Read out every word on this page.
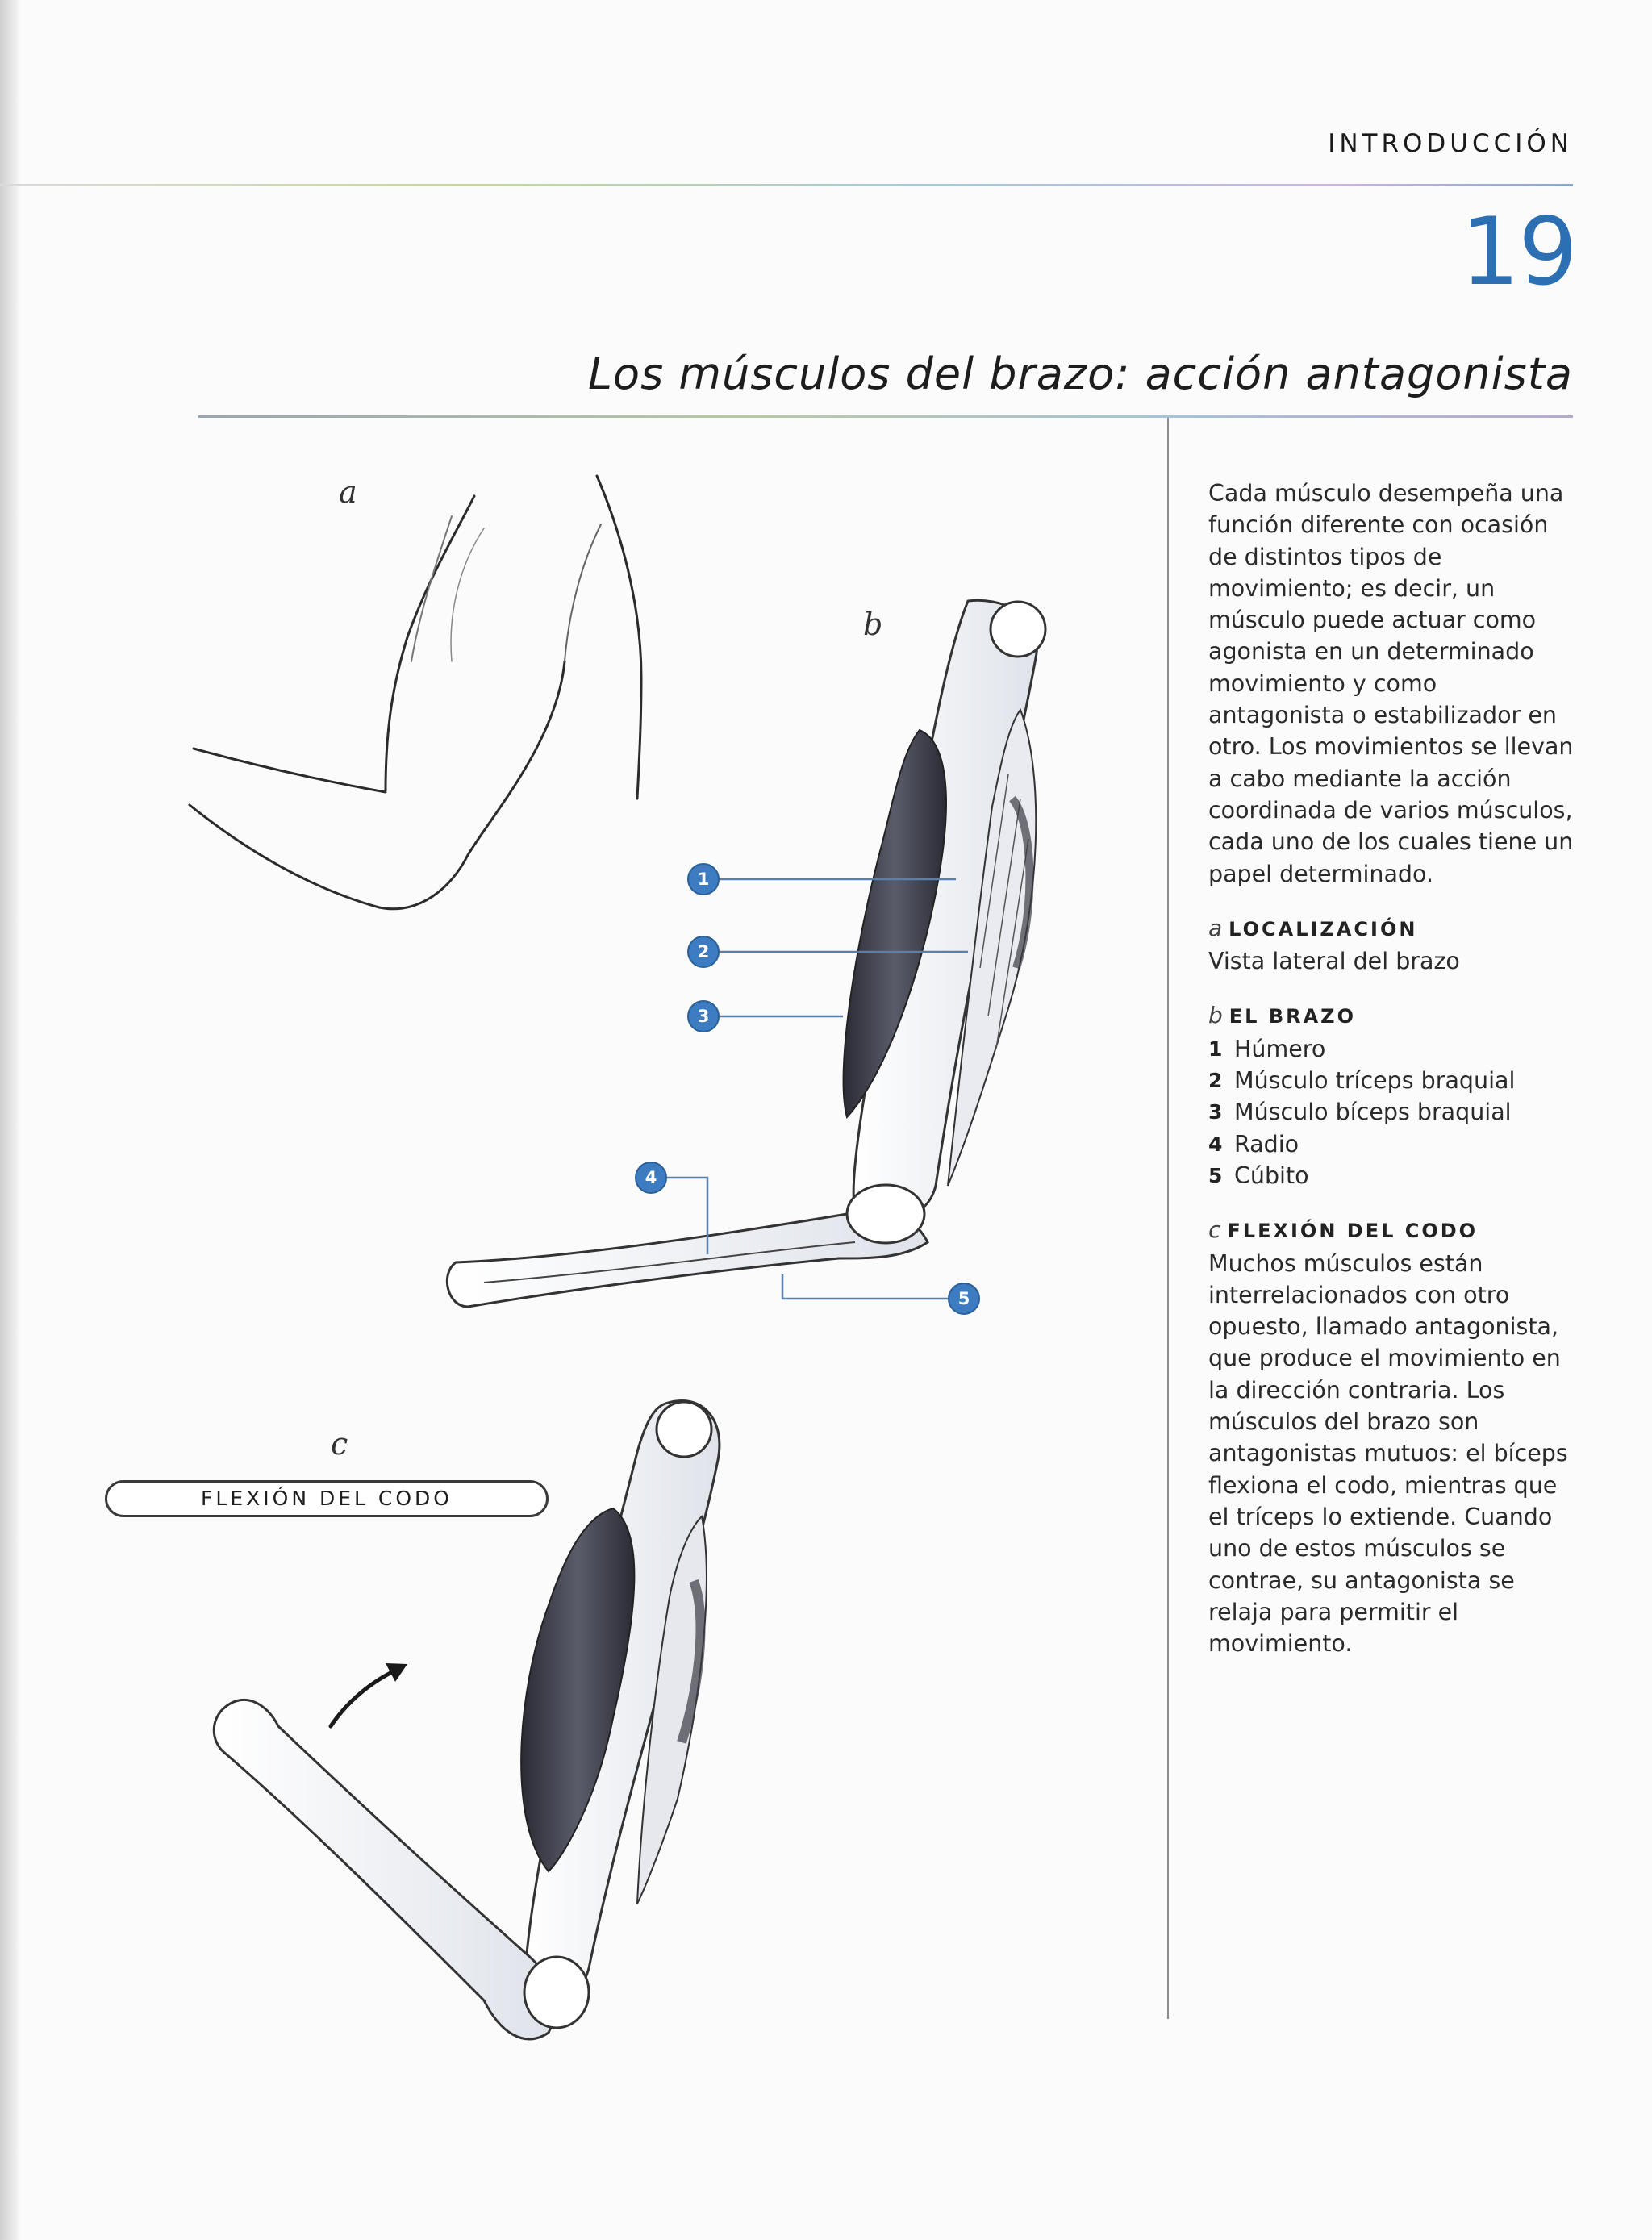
INTRODUCCIÓN
19
Los músculos del brazo: acción antagonista
a
b
c
FLEXIÓN DEL CODO
1
2
3
4
5

Cada músculo desempeña una función diferente con ocasión de distintos tipos de movimiento; es decir, un músculo puede actuar como agonista en un determinado movimiento y como antagonista o estabilizador en otro. Los movimientos se llevan a cabo mediante la acción coordinada de varios músculos, cada uno de los cuales tiene un papel determinado.

a LOCALIZACIÓN

Vista lateral del brazo

b EL BRAZO
1 Húmero
2 Músculo tríceps braquial
3 Músculo bíceps braquial
4 Radio
5 Cúbito
c FLEXIÓN DEL CODO

Muchos músculos están interrelacionados con otro opuesto, llamado antagonista, que produce el movimiento en la dirección contraria. Los músculos del brazo son antagonistas mutuos: el bíceps flexiona el codo, mientras que el tríceps lo extiende. Cuando uno de estos músculos se contrae, su antagonista se relaja para permitir el movimiento.
